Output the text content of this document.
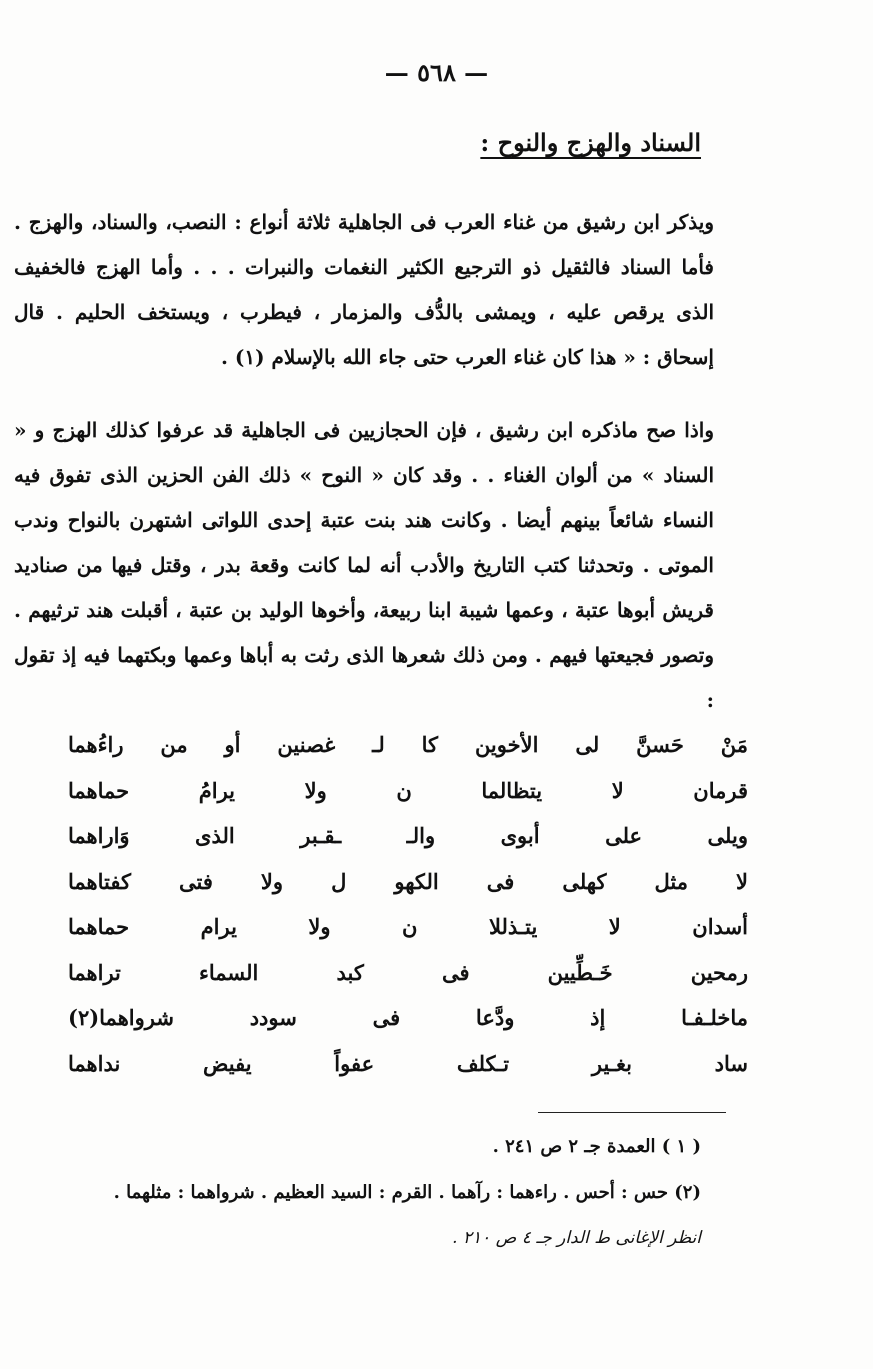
— ٥٦٨ —
السناد والهزج والنوح :

ويذكر ابن رشيق من غناء العرب فى الجاهلية ثلاثة أنواع : النصب، والسناد، والهزج . فأما السناد فالثقيل ذو الترجيع الكثير النغمات والنبرات . . . وأما الهزج فالخفيف الذى يرقص عليه ، ويمشى بالدُّف والمزمار ، فيطرب ، ويستخف الحليم . قال إسحاق : « هذا كان غناء العرب حتى جاء الله بالإسلام (١) .

واذا صح ماذكره ابن رشيق ، فإن الحجازيين فى الجاهلية قد عرفوا كذلك الهزج و « السناد » من ألوان الغناء . . وقد كان « النوح » ذلك الفن الحزين الذى تفوق فيه النساء شائعاً بينهم أيضا . وكانت هند بنت عتبة إحدى اللواتى اشتهرن بالنواح وندب الموتى . وتحدثنا كتب التاريخ والأدب أنه لما كانت وقعة بدر ، وقتل فيها من صناديد قريش أبوها عتبة ، وعمها شيبة ابنا ربيعة، وأخوها الوليد بن عتبة ، أقبلت هند ترثيهم . وتصور فجيعتها فيهم . ومن ذلك شعرها الذى رثت به أباها وعمها وبكتهما فيه إذ تقول :

مَنْ حَسنَّ لى الأخوين كا لـ غصنين أو من راءُهما
قرمان لا يتظالما ن ولا يرامُ حماهما
ويلى على أبوى والـ ـقـبر الذى وَاراهما
لا مثل كهلى فى الكهو ل ولا فتى كفتاهما
أسدان لا يتـذللا ن ولا يرام حماهما
رمحين خَـطِّيين فى كبد السماء تراهما
ماخلـفـا إذ ودَّعا فى سودد شرواهما(٢)
ساد بغـير تـكلف عفواً يفيض نداهما
( ١ ) العمدة جـ ٢ ص ٢٤١ .
(٢) حس : أحس . راءهما : رآهما . القرم : السيد العظيم . شرواهما : مثلهما .
انظر الإغانى ط الدار جـ ٤ ص ٢١٠ .
